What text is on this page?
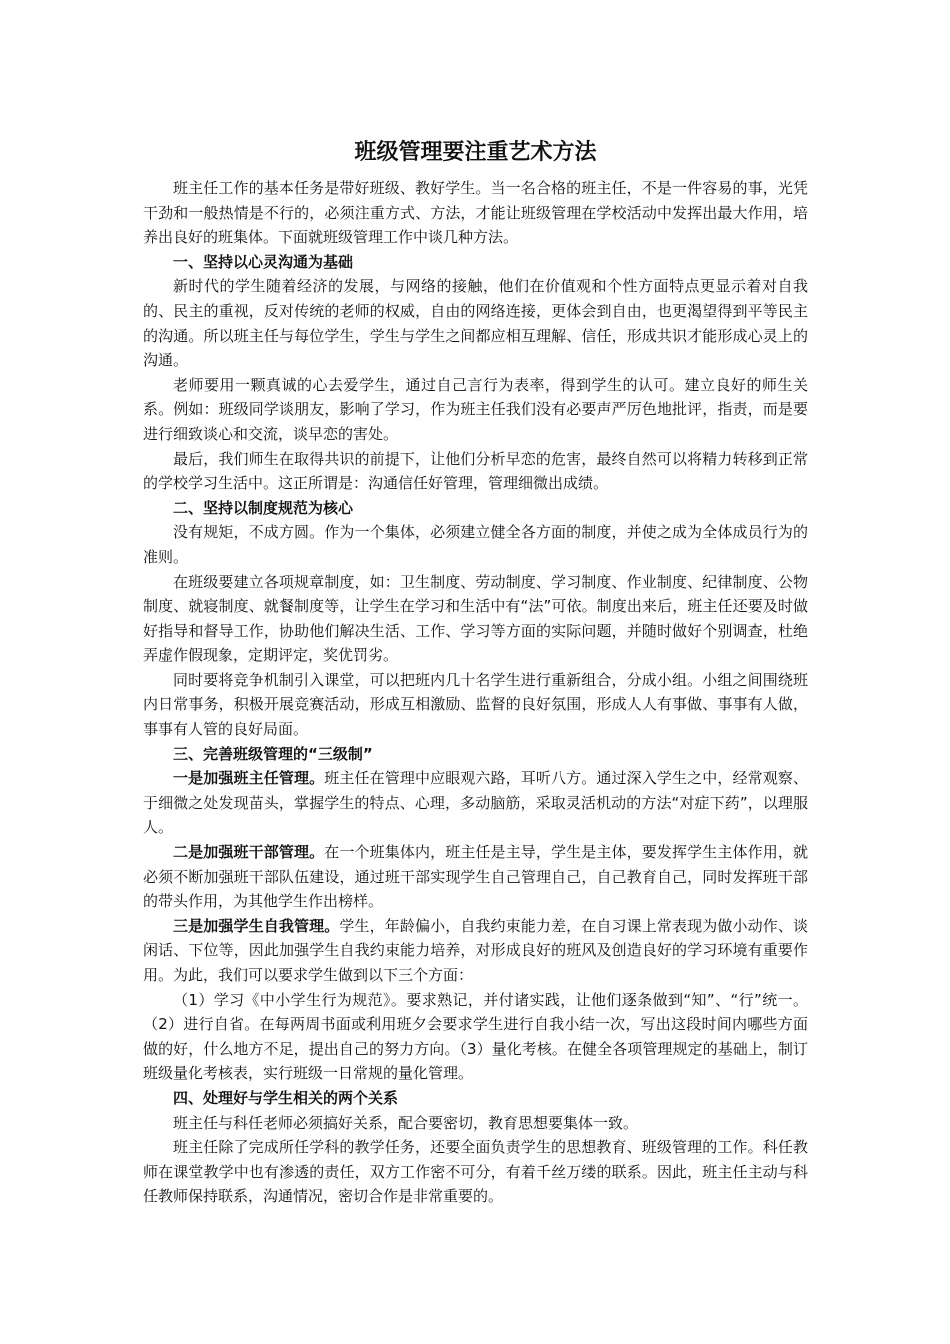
班级管理要注重艺术方法

班主任工作的基本任务是带好班级、教好学生。当一名合格的班主任，不是一件容易的事，光凭干劲和一般热情是不行的，必须注重方式、方法，才能让班级管理在学校活动中发挥出最大作用，培养出良好的班集体。下面就班级管理工作中谈几种方法。

一、坚持以心灵沟通为基础

新时代的学生随着经济的发展，与网络的接触，他们在价值观和个性方面特点更显示着对自我的、民主的重视，反对传统的老师的权威，自由的网络连接，更体会到自由，也更渴望得到平等民主的沟通。所以班主任与每位学生，学生与学生之间都应相互理解、信任，形成共识才能形成心灵上的沟通。

老师要用一颗真诚的心去爱学生，通过自己言行为表率，得到学生的认可。建立良好的师生关系。例如：班级同学谈朋友，影响了学习，作为班主任我们没有必要声严厉色地批评，指责，而是要进行细致谈心和交流，谈早恋的害处。

最后，我们师生在取得共识的前提下，让他们分析早恋的危害，最终自然可以将精力转移到正常的学校学习生活中。这正所谓是：沟通信任好管理，管理细微出成绩。

二、坚持以制度规范为核心

没有规矩，不成方圆。作为一个集体，必须建立健全各方面的制度，并使之成为全体成员行为的准则。

在班级要建立各项规章制度，如：卫生制度、劳动制度、学习制度、作业制度、纪律制度、公物制度、就寝制度、就餐制度等，让学生在学习和生活中有“法”可依。制度出来后，班主任还要及时做好指导和督导工作，协助他们解决生活、工作、学习等方面的实际问题，并随时做好个别调查，杜绝弄虚作假现象，定期评定，奖优罚劣。

同时要将竞争机制引入课堂，可以把班内几十名学生进行重新组合，分成小组。小组之间围绕班内日常事务，积极开展竞赛活动，形成互相激励、监督的良好氛围，形成人人有事做、事事有人做，事事有人管的良好局面。

三、完善班级管理的“三级制”

一是加强班主任管理。班主任在管理中应眼观六路，耳听八方。通过深入学生之中，经常观察、于细微之处发现苗头，掌握学生的特点、心理，多动脑筋，采取灵活机动的方法“对症下药”，以理服人。

二是加强班干部管理。在一个班集体内，班主任是主导，学生是主体，要发挥学生主体作用，就必须不断加强班干部队伍建设，通过班干部实现学生自己管理自己，自己教育自己，同时发挥班干部的带头作用，为其他学生作出榜样。

三是加强学生自我管理。学生，年龄偏小，自我约束能力差，在自习课上常表现为做小动作、谈闲话、下位等，因此加强学生自我约束能力培养，对形成良好的班风及创造良好的学习环境有重要作用。为此，我们可以要求学生做到以下三个方面：

（1）学习《中小学生行为规范》。要求熟记，并付诸实践，让他们逐条做到“知”、“行”统一。（2）进行自省。在每两周书面或利用班夕会要求学生进行自我小结一次，写出这段时间内哪些方面做的好，什么地方不足，提出自己的努力方向。（3）量化考核。在健全各项管理规定的基础上，制订班级量化考核表，实行班级一日常规的量化管理。

四、处理好与学生相关的两个关系

班主任与科任老师必须搞好关系，配合要密切，教育思想要集体一致。

班主任除了完成所任学科的教学任务，还要全面负责学生的思想教育、班级管理的工作。科任教师在课堂教学中也有渗透的责任，双方工作密不可分，有着千丝万缕的联系。因此，班主任主动与科任教师保持联系，沟通情况，密切合作是非常重要的。
